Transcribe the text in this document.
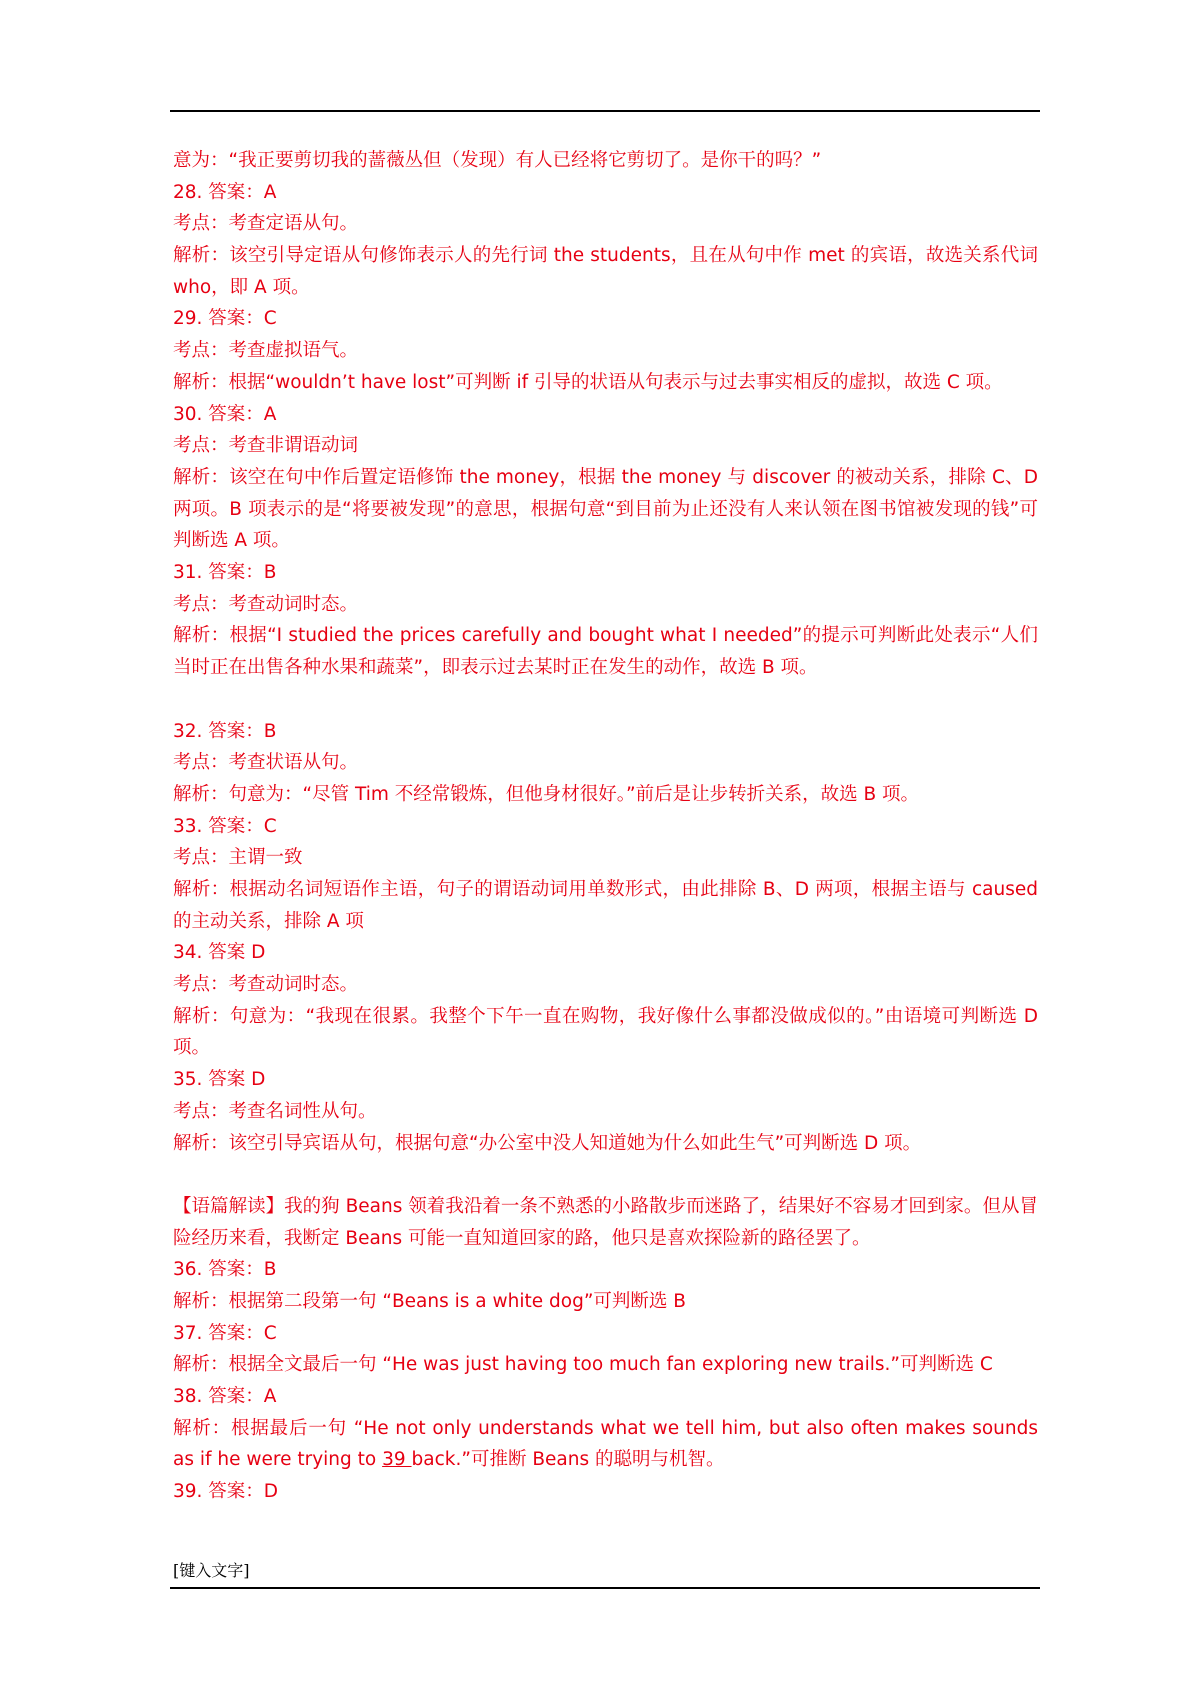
意为：“我正要剪切我的蔷薇丛但（发现）有人已经将它剪切了。是你干的吗？”
28. 答案：A
考点：考查定语从句。
解析：该空引导定语从句修饰表示人的先行词 the students，且在从句中作 met 的宾语，故选关系代词 who，即 A 项。
29. 答案：C
考点：考查虚拟语气。
解析：根据“wouldn’t have lost”可判断 if 引导的状语从句表示与过去事实相反的虚拟，故选 C 项。
30. 答案：A
考点：考查非谓语动词
解析：该空在句中作后置定语修饰 the money，根据 the money 与 discover 的被动关系，排除 C、D 两项。B 项表示的是“将要被发现”的意思，根据句意“到目前为止还没有人来认领在图书馆被发现的钱”可判断选 A 项。
31. 答案：B
考点：考查动词时态。
解析：根据“I studied the prices carefully and bought what I needed”的提示可判断此处表示“人们当时正在出售各种水果和蔬菜”，即表示过去某时正在发生的动作，故选 B 项。
32. 答案：B
考点：考查状语从句。
解析：句意为：“尽管 Tim 不经常锻炼，但他身材很好。”前后是让步转折关系，故选 B 项。
33. 答案：C
考点：主谓一致
解析：根据动名词短语作主语，句子的谓语动词用单数形式，由此排除 B、D 两项，根据主语与 caused 的主动关系，排除 A 项
34. 答案 D
考点：考查动词时态。
解析：句意为：“我现在很累。我整个下午一直在购物，我好像什么事都没做成似的。”由语境可判断选 D 项。
35. 答案 D
考点：考查名词性从句。
解析：该空引导宾语从句，根据句意“办公室中没人知道她为什么如此生气”可判断选 D 项。
【语篇解读】我的狗 Beans 领着我沿着一条不熟悉的小路散步而迷路了，结果好不容易才回到家。但从冒险经历来看，我断定 Beans 可能一直知道回家的路，他只是喜欢探险新的路径罢了。
36. 答案：B
解析：根据第二段第一句 “Beans is a white dog”可判断选 B
37. 答案：C
解析：根据全文最后一句 “He was just having too much fan exploring new trails.”可判断选 C
38. 答案：A
解析：根据最后一句 “He not only understands what we tell him, but also often makes sounds as if he were trying to 39 back.”可推断 Beans 的聪明与机智。
39. 答案：D
[键入文字]
